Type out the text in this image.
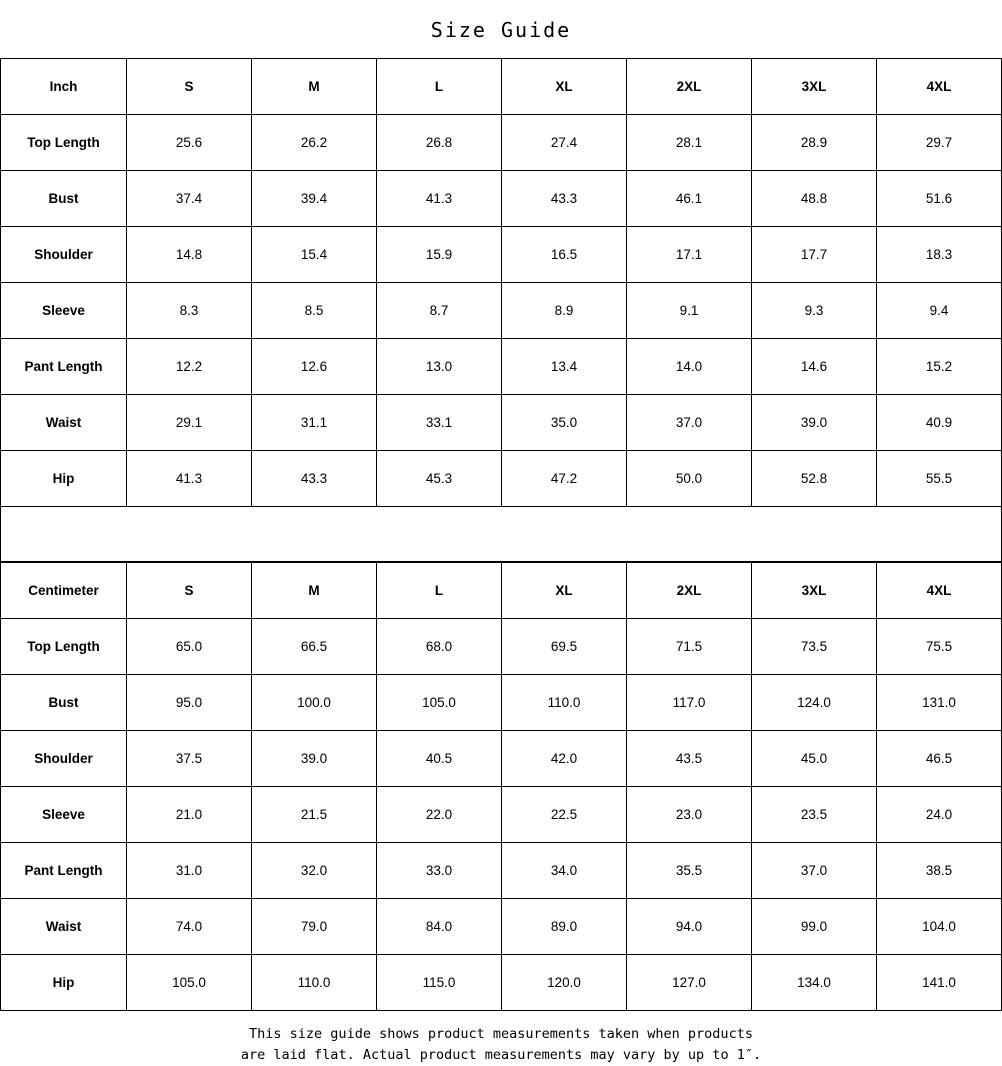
Size Guide
Inch	S	M	L	XL	2XL	3XL	4XL
Top Length	25.6	26.2	26.8	27.4	28.1	28.9	29.7
Bust	37.4	39.4	41.3	43.3	46.1	48.8	51.6
Shoulder	14.8	15.4	15.9	16.5	17.1	17.7	18.3
Sleeve	8.3	8.5	8.7	8.9	9.1	9.3	9.4
Pant Length	12.2	12.6	13.0	13.4	14.0	14.6	15.2
Waist	29.1	31.1	33.1	35.0	37.0	39.0	40.9
Hip	41.3	43.3	45.3	47.2	50.0	52.8	55.5
Centimeter	S	M	L	XL	2XL	3XL	4XL
Top Length	65.0	66.5	68.0	69.5	71.5	73.5	75.5
Bust	95.0	100.0	105.0	110.0	117.0	124.0	131.0
Shoulder	37.5	39.0	40.5	42.0	43.5	45.0	46.5
Sleeve	21.0	21.5	22.0	22.5	23.0	23.5	24.0
Pant Length	31.0	32.0	33.0	34.0	35.5	37.0	38.5
Waist	74.0	79.0	84.0	89.0	94.0	99.0	104.0
Hip	105.0	110.0	115.0	120.0	127.0	134.0	141.0
This size guide shows product measurements taken when products
are laid flat. Actual product measurements may vary by up to 1″.
